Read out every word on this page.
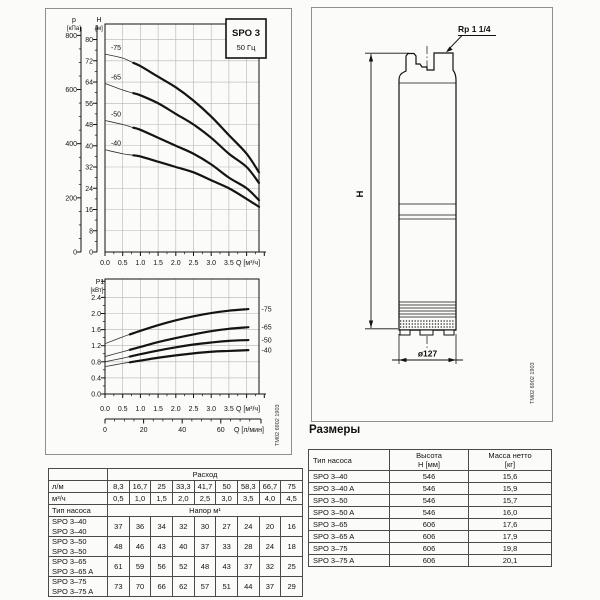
800
600
400
200
0
p
[кПа]
80
72
64
56
48
40
32
24
16
8
0
H
[м]
0.0 0.5 1.0 1.5 2.0 2.5 3.0 3.5 Q [м³/ч]
-75
-65
-50
-40
SPO 3
50 Гц
2.4
2.0
1.6
1.2
0.8
0.4
0.0
P1
[кВт]
0.0 0.5 1.0 1.5 2.0 2.5 3.0 3.5 Q [м³/ч]
0	20	40	60 Q [л/мин]
-75
-65
-50
-40
TM02 6902 1903
H
Rp 1 1/4
ø127
TM02 6902 1903
Размеры
Тип насоса	Высота
H [мм]

Масса нетто
[кг]

SPO 3–40	546	15,6
SPO 3–40 A	546	15,9
SPO 3–50	546	15,7
SPO 3–50 A	546	16,0
SPO 3–65	606	17,6
SPO 3–65 A	606	17,9
SPO 3–75	606	19,8
SPO 3–75 A	606	20,1
	Расход								
л/м	8,3	16,7	25	33,3	41,7	50	58,3	66,7	75
м³/ч	0,5	1,0	1,5	2,0	2,5	3,0	3,5	4,0	4,5
Тип насоса	Напор м¹								

SPO 3–40
SPO 3–40	37	36	34	32	30	27	24	20	16

SPO 3–50
SPO 3–50	48	46	43	40	37	33	28	24	18

SPO 3–65
SPO 3–65 A	61	59	56	52	48	43	37	32	25

SPO 3–75
SPO 3–75 A	73	70	66	62	57	51	44	37	29
